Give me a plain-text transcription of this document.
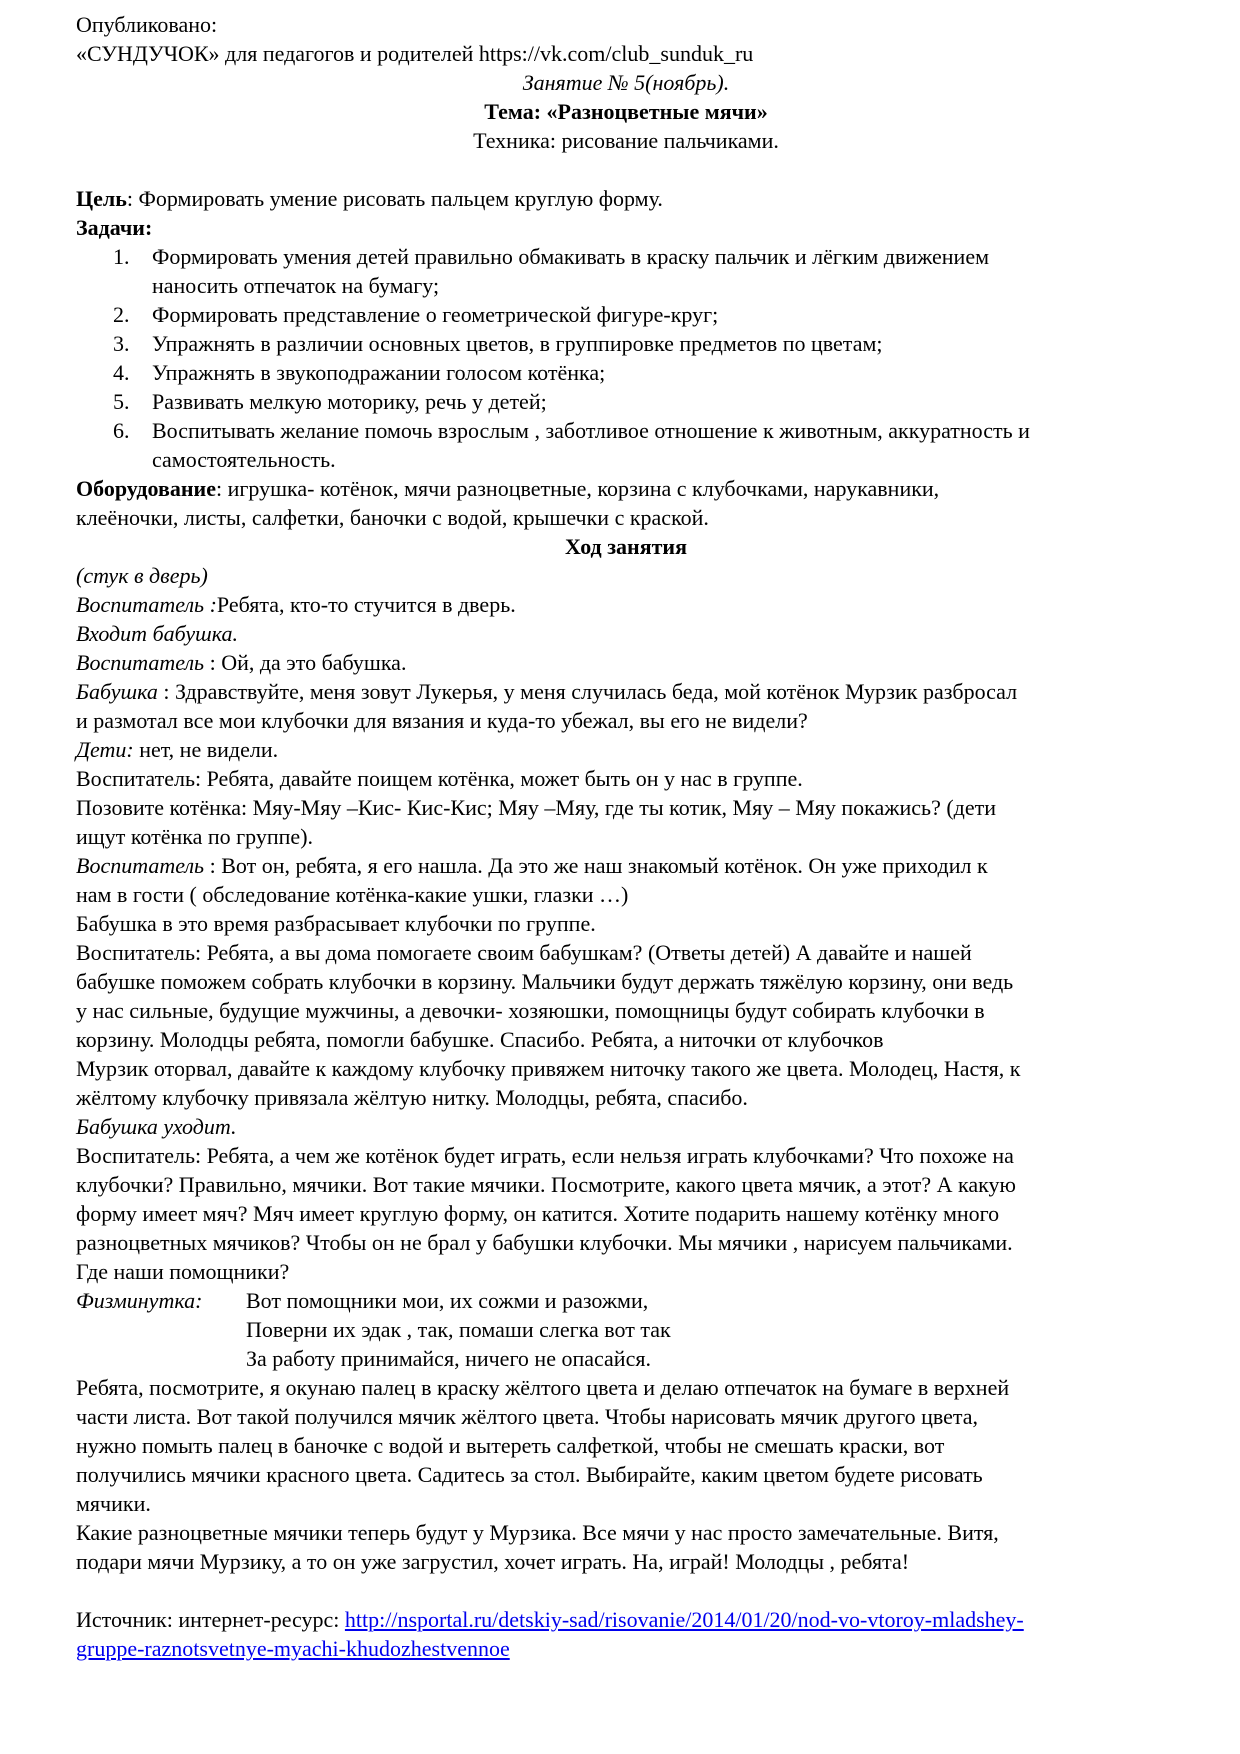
Опубликовано:

«СУНДУЧОК» для педагогов и родителей https://vk.com/club_sunduk_ru

Занятие № 5(ноябрь).

Тема: «Разноцветные мячи»

Техника: рисование пальчиками.

Цель: Формировать умение рисовать пальцем круглую форму.

Задачи:

1. Формировать умения детей правильно обмакивать в краску пальчик и лёгким движением
наносить отпечаток на бумагу;
2. Формировать представление о геометрической фигуре-круг;
3. Упражнять в различии основных цветов, в группировке предметов по цветам;
4. Упражнять в звукоподражании голосом котёнка;
5. Развивать мелкую моторику, речь у детей;
6. Воспитывать желание помочь взрослым , заботливое отношение к животным, аккуратность и
самостоятельность.

Оборудование: игрушка- котёнок, мячи разноцветные, корзина с клубочками, нарукавники,

клеёночки, листы, салфетки, баночки с водой, крышечки с краской.

Ход занятия

(стук в дверь)

Воспитатель :Ребята, кто-то стучится в дверь.

Входит бабушка.

Воспитатель : Ой, да это бабушка.

Бабушка : Здравствуйте, меня зовут Лукерья, у меня случилась беда, мой котёнок Мурзик разбросал

и размотал все мои клубочки для вязания и куда-то убежал, вы его не видели?

Дети: нет, не видели.

Воспитатель: Ребята, давайте поищем котёнка, может быть он у нас в группе.

Позовите котёнка: Мяу-Мяу –Кис- Кис-Кис; Мяу –Мяу, где ты котик, Мяу – Мяу покажись? (дети

ищут котёнка по группе).

Воспитатель : Вот он, ребята, я его нашла. Да это же наш знакомый котёнок. Он уже приходил к

нам в гости ( обследование котёнка-какие ушки, глазки …)

Бабушка в это время разбрасывает клубочки по группе.

Воспитатель: Ребята, а вы дома помогаете своим бабушкам? (Ответы детей) А давайте и нашей

бабушке поможем собрать клубочки в корзину. Мальчики будут держать тяжёлую корзину, они ведь

у нас сильные, будущие мужчины, а девочки- хозяюшки, помощницы будут собирать клубочки в

корзину. Молодцы ребята, помогли бабушке. Спасибо. Ребята, а ниточки от клубочков

Мурзик оторвал, давайте к каждому клубочку привяжем ниточку такого же цвета. Молодец, Настя, к

жёлтому клубочку привязала жёлтую нитку. Молодцы, ребята, спасибо.

Бабушка уходит.

Воспитатель: Ребята, а чем же котёнок будет играть, если нельзя играть клубочками? Что похоже на

клубочки? Правильно, мячики. Вот такие мячики. Посмотрите, какого цвета мячик, а этот? А какую

форму имеет мяч? Мяч имеет круглую форму, он катится. Хотите подарить нашему котёнку много

разноцветных мячиков? Чтобы он не брал у бабушки клубочки. Мы мячики , нарисуем пальчиками.

Где наши помощники?

Физминутка:	Вот помощники мои, их сожми и разожми,
Поверни их эдак , так, помаши слегка вот так
За работу принимайся, ничего не опасайся.

Ребята, посмотрите, я окунаю палец в краску жёлтого цвета и делаю отпечаток на бумаге в верхней

части листа. Вот такой получился мячик жёлтого цвета. Чтобы нарисовать мячик другого цвета,

нужно помыть палец в баночке с водой и вытереть салфеткой, чтобы не смешать краски, вот

получились мячики красного цвета. Садитесь за стол. Выбирайте, каким цветом будете рисовать

мячики.

Какие разноцветные мячики теперь будут у Мурзика. Все мячи у нас просто замечательные. Витя,

подари мячи Мурзику, а то он уже загрустил, хочет играть. На, играй! Молодцы , ребята!

Источник: интернет-ресурс: http://nsportal.ru/detskiy-sad/risovanie/2014/01/20/nod-vo-vtoroy-mladshey-

gruppe-raznotsvetnye-myachi-khudozhestvennoe
